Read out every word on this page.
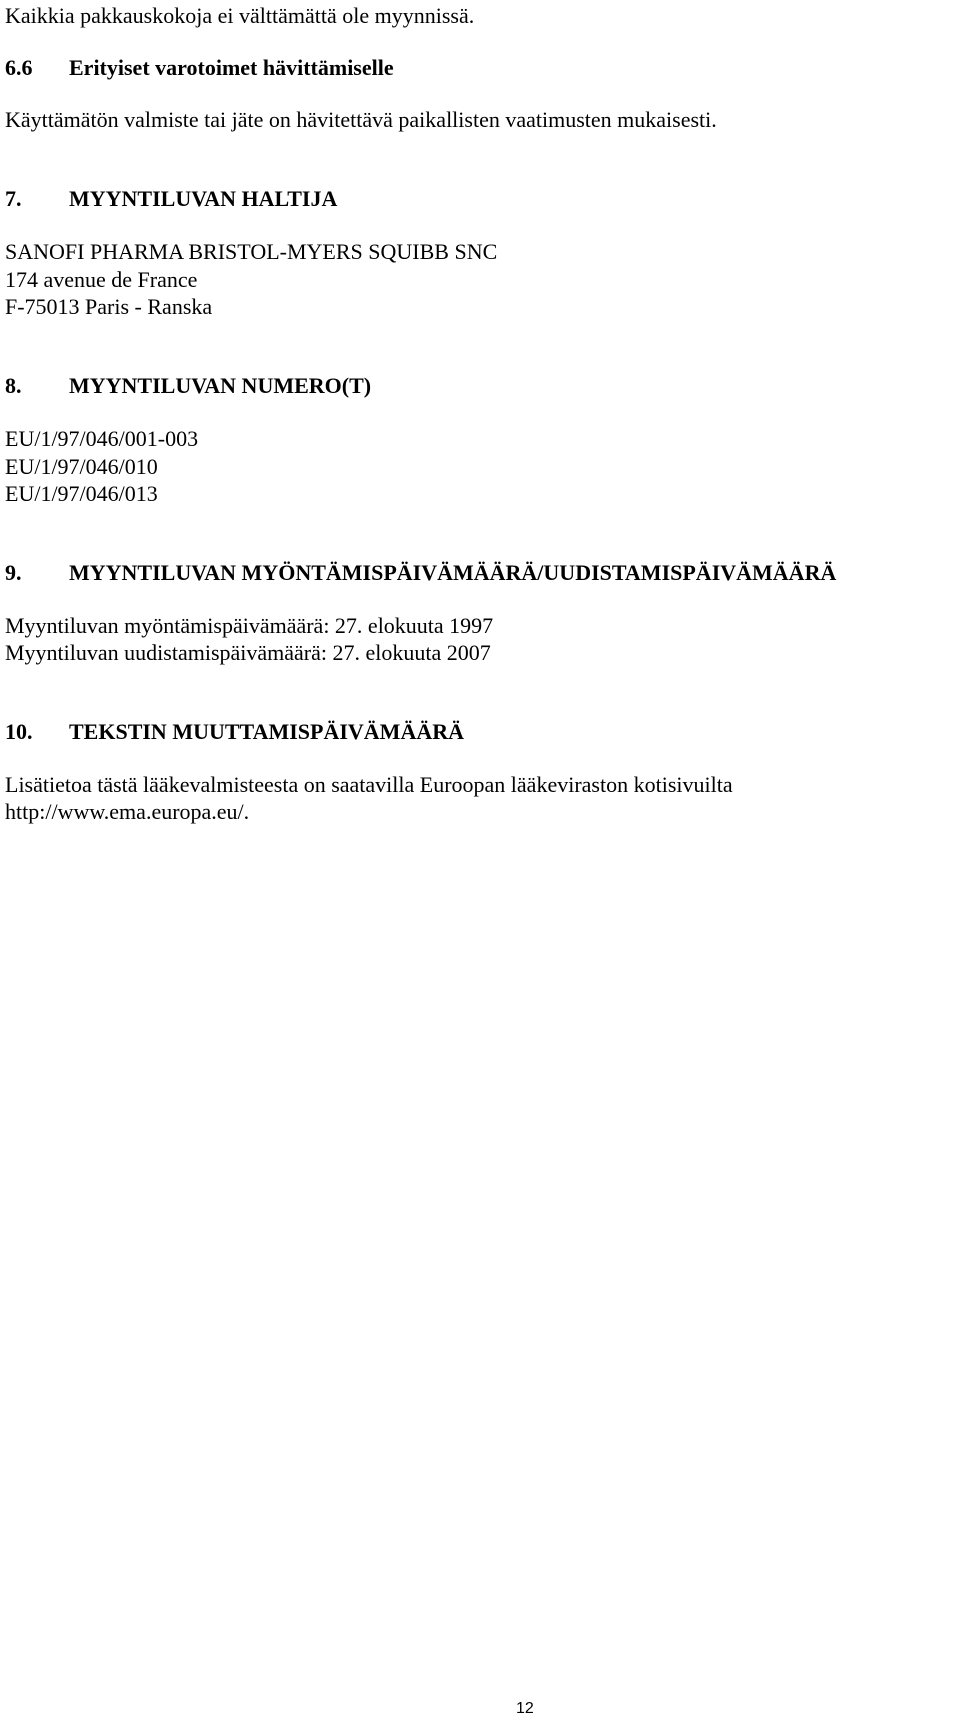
Kaikkia pakkauskokoja ei välttämättä ole myynnissä.
6.6 Erityiset varotoimet hävittämiselle
Käyttämätön valmiste tai jäte on hävitettävä paikallisten vaatimusten mukaisesti.
7. MYYNTILUVAN HALTIJA
SANOFI PHARMA BRISTOL-MYERS SQUIBB SNC
174 avenue de France
F-75013 Paris - Ranska
8. MYYNTILUVAN NUMERO(T)
EU/1/97/046/001-003
EU/1/97/046/010
EU/1/97/046/013
9. MYYNTILUVAN MYÖNTÄMISPÄIVÄMÄÄRÄ/UUDISTAMISPÄIVÄMÄÄRÄ
Myyntiluvan myöntämispäivämäärä: 27. elokuuta 1997
Myyntiluvan uudistamispäivämäärä: 27. elokuuta 2007
10. TEKSTIN MUUTTAMISPÄIVÄMÄÄRÄ
Lisätietoa tästä lääkevalmisteesta on saatavilla Euroopan lääkeviraston kotisivuilta
http://www.ema.europa.eu/.
12
